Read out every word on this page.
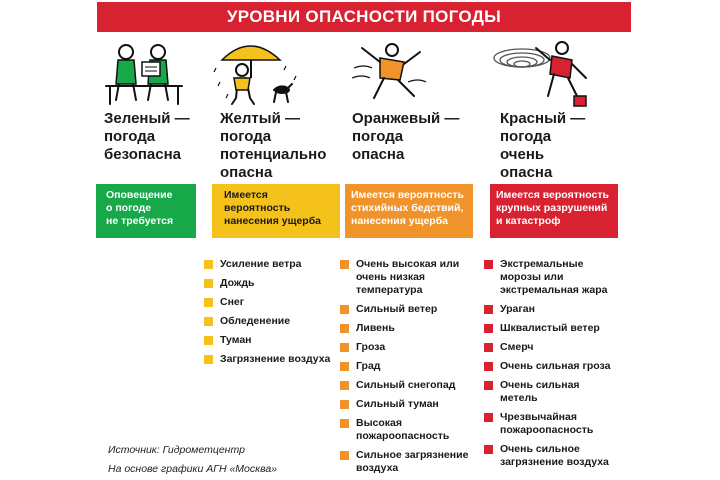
УРОВНИ ОПАСНОСТИ ПОГОДЫ
Зеленый —
погода
безопасна
Желтый —
погода
потенциально
опасна
Оранжевый —
погода
опасна
Красный —
погода
очень
опасна
Оповещение
о погоде
не требуется
Имеется
вероятность
нанесения ущерба
Имеется вероятность
стихийных бедствий,
нанесения ущерба
Имеется вероятность
крупных разрушений
и катастроф
Усиление ветра
Дождь
Снег
Обледенение
Туман
Загрязнение воздуха
Очень высокая или
очень низкая
температура
Сильный ветер
Ливень
Гроза
Град
Сильный снегопад
Сильный туман
Высокая
пожароопасность
Сильное загрязнение
воздуха
Экстремальные
морозы или
экстремальная жара
Ураган
Шквалистый ветер
Смерч
Очень сильная гроза
Очень сильная
метель
Чрезвычайная
пожароопасность
Очень сильное
загрязнение воздуха
Источник: Гидрометцентр
На основе графики АГН «Москва»
